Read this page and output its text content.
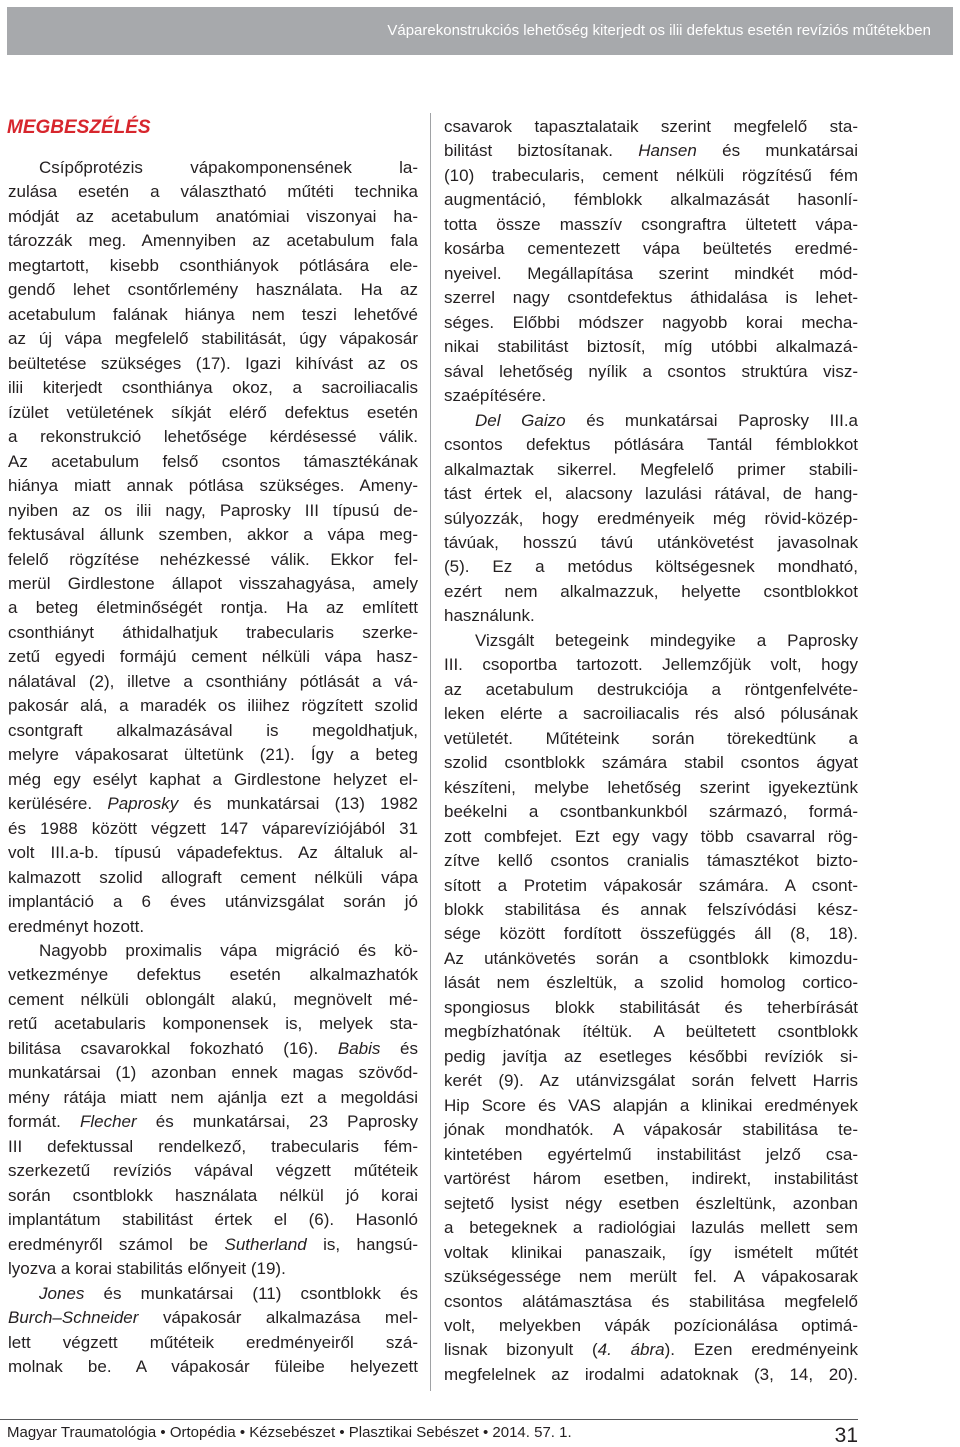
Váparekonstrukciós lehetőség kiterjedt os ilii defektus esetén revíziós műtétekben
MEGBESZÉLÉS
Csípőprotézis vápakomponensének la-
zulása esetén a választható műtéti technika
módját az acetabulum anatómiai viszonyai ha-
tározzák meg. Amennyiben az acetabulum fala
megtartott, kisebb csonthiányok pótlására ele-
gendő lehet csontőrlemény használata. Ha az
acetabulum falának hiánya nem teszi lehetővé
az új vápa megfelelő stabilitását, úgy vápakosár
beültetése szükséges (17). Igazi kihívást az os
ilii kiterjedt csonthiánya okoz, a sacroiliacalis
ízület vetületének síkját elérő defektus esetén
a rekonstrukció lehetősége kérdésessé válik.
Az acetabulum felső csontos támasztékának
hiánya miatt annak pótlása szükséges. Ameny-
nyiben az os ilii nagy, Paprosky III típusú de-
fektusával állunk szemben, akkor a vápa meg-
felelő rögzítése nehézkessé válik. Ekkor fel-
merül Girdlestone állapot visszahagyása, amely
a beteg életminőségét rontja. Ha az említett
csonthiányt áthidalhatjuk trabecularis szerke-
zetű egyedi formájú cement nélküli vápa hasz-
nálatával (2), illetve a csonthiány pótlását a vá-
pakosár alá, a maradék os iliihez rögzített szolid
csontgraft alkalmazásával is megoldhatjuk,
melyre vápakosarat ültetünk (21). Így a beteg
még egy esélyt kaphat a Girdlestone helyzet el-
kerülésére. Paprosky és munkatársai (13) 1982
és 1988 között végzett 147 váparevíziójából 31
volt III.a-b. típusú vápadefektus. Az általuk al-
kalmazott szolid allograft cement nélküli vápa
implantáció a 6 éves utánvizsgálat során jó
eredményt hozott.
Nagyobb proximalis vápa migráció és kö-
vetkezménye defektus esetén alkalmazhatók
cement nélküli oblongált alakú, megnövelt mé-
retű acetabularis komponensek is, melyek sta-
bilitása csavarokkal fokozható (16). Babis és
munkatársai (1) azonban ennek magas szövőd-
mény rátája miatt nem ajánlja ezt a megoldási
formát. Flecher és munkatársai, 23 Paprosky
III defektussal rendelkező, trabecularis fém-
szerkezetű revíziós vápával végzett műtéteik
során csontblokk használata nélkül jó korai
implantátum stabilitást értek el (6). Hasonló
eredményről számol be Sutherland is, hangsú-
lyozva a korai stabilitás előnyeit (19).
Jones és munkatársai (11) csontblokk és
Burch–Schneider vápakosár alkalmazása mel-
lett végzett műtéteik eredményeiről szá-
molnak be. A vápakosár füleibe helyezett
csavarok tapasztalataik szerint megfelelő sta-
bilitást biztosítanak. Hansen és munkatársai
(10) trabecularis, cement nélküli rögzítésű fém
augmentáció, fémblokk alkalmazását hasonlí-
totta össze masszív csongraftra ültetett vápa-
kosárba cementezett vápa beültetés eredmé-
nyeivel. Megállapítása szerint mindkét mód-
szerrel nagy csontdefektus áthidalása is lehet-
séges. Előbbi módszer nagyobb korai mecha-
nikai stabilitást biztosít, míg utóbbi alkalmazá-
sával lehetőség nyílik a csontos struktúra visz-
szaépítésére.
Del Gaizo és munkatársai Paprosky III.a
csontos defektus pótlására Tantál fémblokkot
alkalmaztak sikerrel. Megfelelő primer stabili-
tást értek el, alacsony lazulási rátával, de hang-
súlyozzák, hogy eredményeik még rövid-közép-
távúak, hosszú távú utánkövetést javasolnak
(5). Ez a metódus költségesnek mondható,
ezért nem alkalmazzuk, helyette csontblokkot
használunk.
Vizsgált betegeink mindegyike a Paprosky
III. csoportba tartozott. Jellemzőjük volt, hogy
az acetabulum destrukciója a röntgenfelvéte-
leken elérte a sacroiliacalis rés alsó pólusának
vetületét. Műtéteink során törekedtünk a
szolid csontblokk számára stabil csontos ágyat
készíteni, melybe lehetőség szerint igyekeztünk
beékelni a csontbankunkból származó, formá-
zott combfejet. Ezt egy vagy több csavarral rög-
zítve kellő csontos cranialis támasztékot bizto-
sított a Protetim vápakosár számára. A csont-
blokk stabilitása és annak felszívódási kész-
sége között fordított összefüggés áll (8, 18).
Az utánkövetés során a csontblokk kimozdu-
lását nem észleltük, a szolid homolog cortico-
spongiosus blokk stabilitását és teherbírását
megbízhatónak ítéltük. A beültetett csontblokk
pedig javítja az esetleges későbbi revíziók si-
kerét (9). Az utánvizsgálat során felvett Harris
Hip Score és VAS alapján a klinikai eredmények
jónak mondhatók. A vápakosár stabilitása te-
kintetében egyértelmű instabilitást jelző csa-
vartörést három esetben, indirekt, instabilitást
sejtető lysist négy esetben észleltünk, azonban
a betegeknek a radiológiai lazulás mellett sem
voltak klinikai panaszaik, így ismételt műtét
szükségessége nem merült fel. A vápakosarak
csontos alátámasztása és stabilitása megfelelő
volt, melyekben vápák pozícionálása optimá-
lisnak bizonyult (4. ábra). Ezen eredményeink
megfelelnek az irodalmi adatoknak (3, 14, 20).
Magyar Traumatológia • Ortopédia • Kézsebészet • Plasztikai Sebészet • 2014. 57. 1.	31
